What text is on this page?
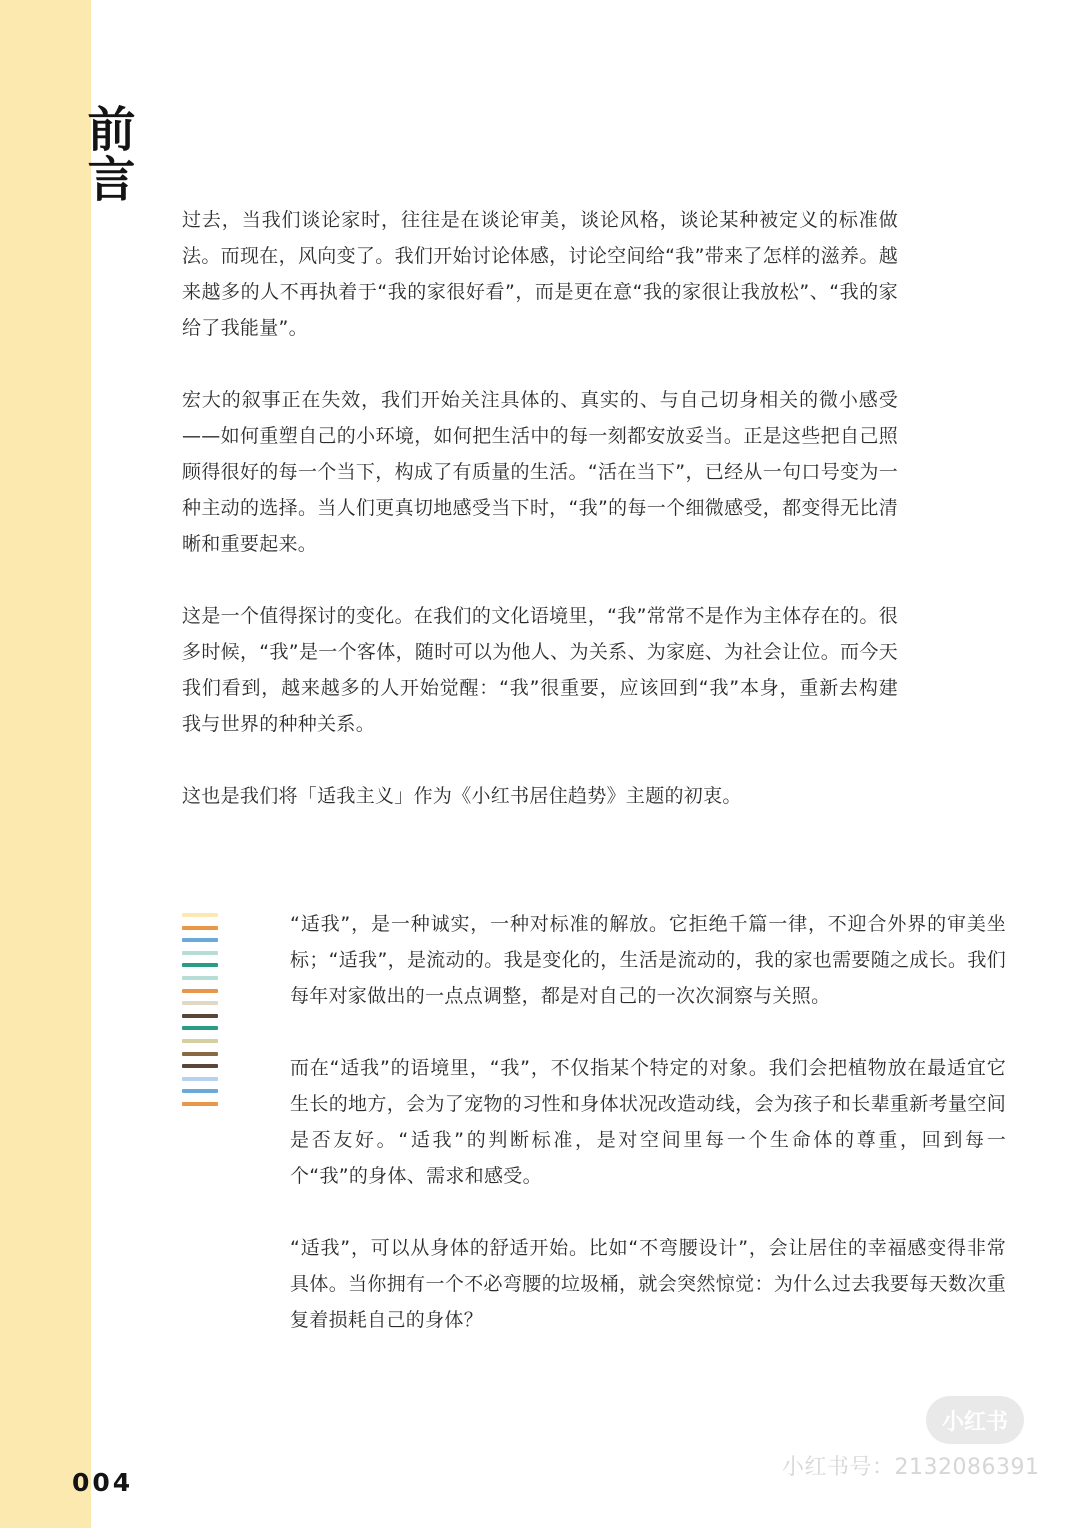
前言

过去，当我们谈论家时，往往是在谈论审美，谈论风格，谈论某种被定义的标准做法。而现在，风向变了。我们开始讨论体感，讨论空间给“我”带来了怎样的滋养。越来越多的人不再执着于“我的家很好看”，而是更在意“我的家很让我放松”、“我的家给了我能量”。

宏大的叙事正在失效，我们开始关注具体的、真实的、与自己切身相关的微小感受——如何重塑自己的小环境，如何把生活中的每一刻都安放妥当。正是这些把自己照顾得很好的每一个当下，构成了有质量的生活。“活在当下”，已经从一句口号变为一种主动的选择。当人们更真切地感受当下时，“我”的每一个细微感受，都变得无比清晰和重要起来。

这是一个值得探讨的变化。在我们的文化语境里，“我”常常不是作为主体存在的。很多时候，“我”是一个客体，随时可以为他人、为关系、为家庭、为社会让位。而今天我们看到，越来越多的人开始觉醒：“我”很重要，应该回到“我”本身，重新去构建我与世界的种种关系。

这也是我们将「适我主义」作为《小红书居住趋势》主题的初衷。

“适我”，是一种诚实，一种对标准的解放。它拒绝千篇一律，不迎合外界的审美坐标；“适我”，是流动的。我是变化的，生活是流动的，我的家也需要随之成长。我们每年对家做出的一点点调整，都是对自己的一次次洞察与关照。

而在“适我”的语境里，“我”，不仅指某个特定的对象。我们会把植物放在最适宜它生长的地方，会为了宠物的习性和身体状况改造动线，会为孩子和长辈重新考量空间是否友好。“适我”的判断标准，是对空间里每一个生命体的尊重，回到每一个“我”的身体、需求和感受。

“适我”，可以从身体的舒适开始。比如“不弯腰设计”，会让居住的幸福感变得非常具体。当你拥有一个不必弯腰的垃圾桶，就会突然惊觉：为什么过去我要每天数次重复着损耗自己的身体？

004
小红书
小红书号：2132086391
